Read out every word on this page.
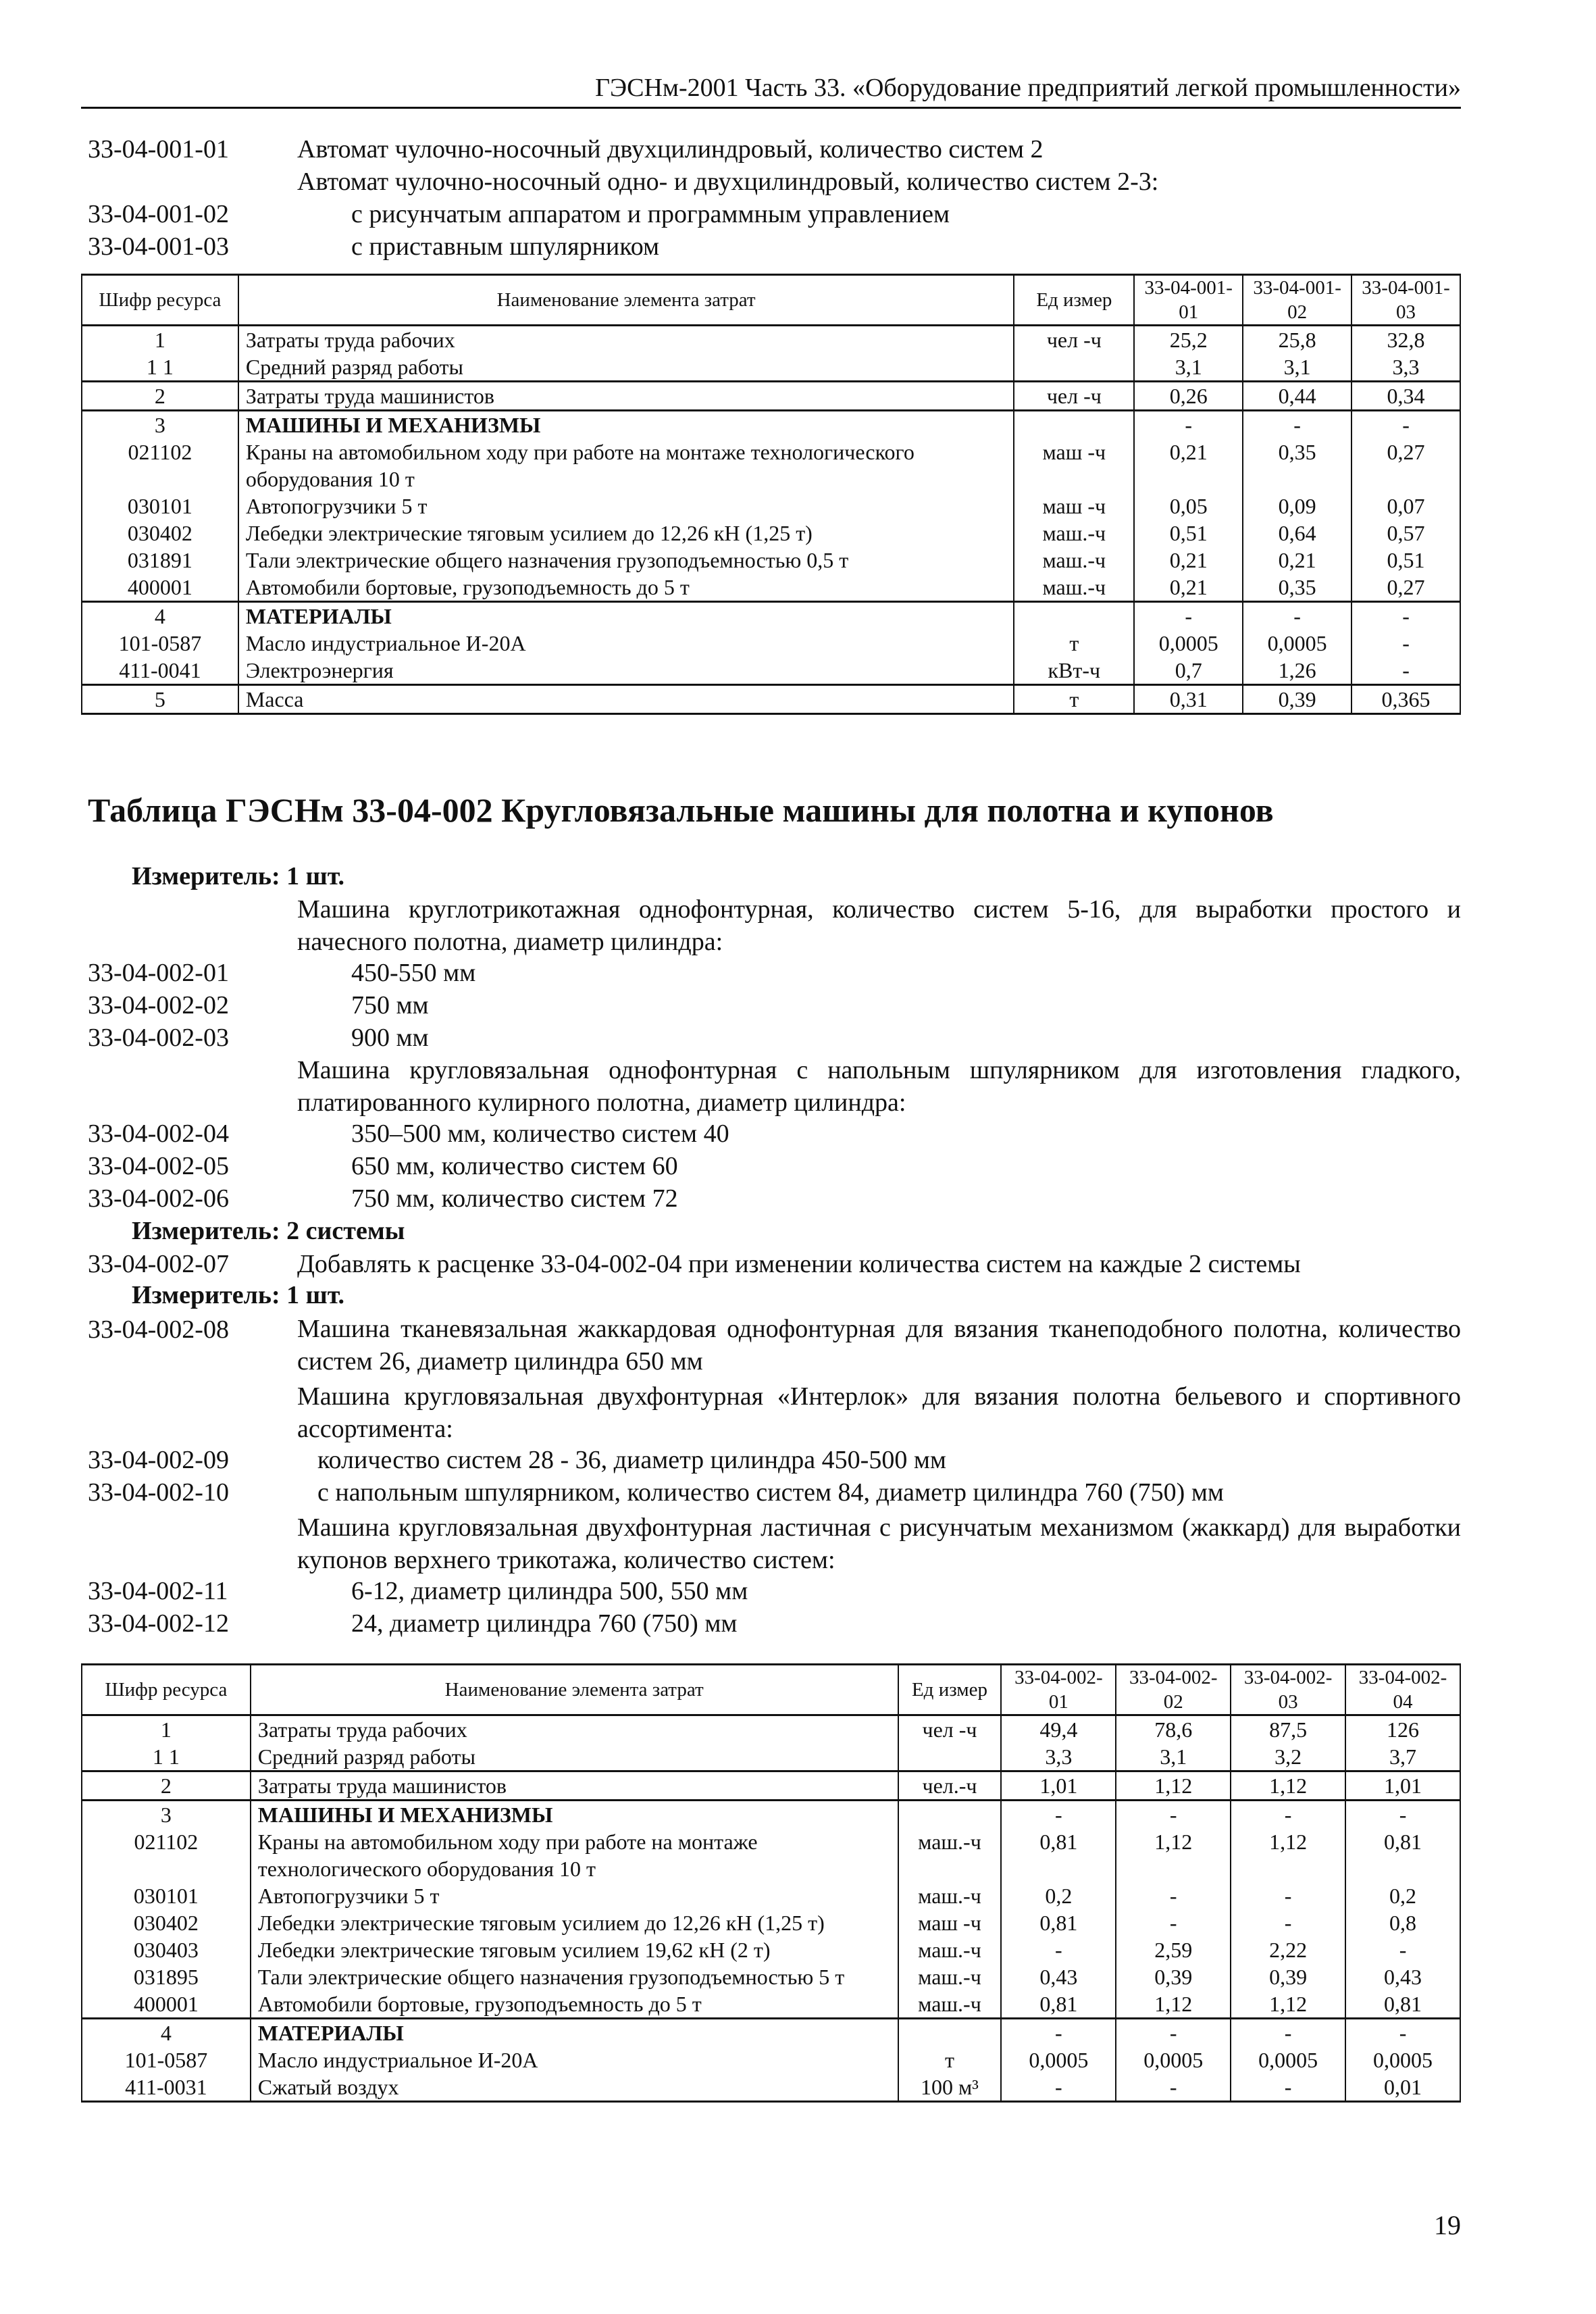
ГЭСНм-2001 Часть 33. «Оборудование предприятий легкой промышленности»
33-04-001-01	Автомат чулочно-носочный двухцилиндровый, количество систем 2
Автомат чулочно-носочный одно- и двухцилиндровый, количество систем 2-3:
33-04-001-02	с рисунчатым аппаратом и программным управлением
33-04-001-03	с приставным шпулярником
Шифр ресурса	Наименование элемента затрат	Ед измер	33-04-001-01	33-04-001-02	33-04-001-03
1	Затраты труда рабочих	чел -ч	25,2	25,8	32,8
1 1	Средний разряд работы		3,1	3,1	3,3
2	Затраты труда машинистов	чел -ч	0,26	0,44	0,34
3	МАШИНЫ И МЕХАНИЗМЫ		-	-	-
021102	Краны на автомобильном ходу при работе на монтаже технологического оборудования 10 т	маш -ч	0,21	0,35	0,27
030101	Автопогрузчики 5 т	маш -ч	0,05	0,09	0,07
030402	Лебедки электрические тяговым усилием до 12,26 кН (1,25 т)	маш.-ч	0,51	0,64	0,57
031891	Тали электрические общего назначения грузоподъемностью 0,5 т	маш.-ч	0,21	0,21	0,51
400001	Автомобили бортовые, грузоподъемность до 5 т	маш.-ч	0,21	0,35	0,27
4	МАТЕРИАЛЫ		-	-	-
101-0587	Масло индустриальное И-20А	т	0,0005	0,0005	-
411-0041	Электроэнергия	кВт-ч	0,7	1,26	-
5	Масса	т	0,31	0,39	0,365
Таблица ГЭСНм 33-04-002 Кругловязальные машины для полотна и купонов
Измеритель: 1 шт.
Машина круглотрикотажная однофонтурная, количество систем 5-16, для выработки простого и начесного полотна, диаметр цилиндра:
33-04-002-01	450-550 мм
33-04-002-02	750 мм
33-04-002-03	900 мм
Машина кругловязальная однофонтурная с напольным шпулярником для изготовления гладкого, платированного кулирного полотна, диаметр цилиндра:
33-04-002-04	350–500 мм, количество систем 40
33-04-002-05	650 мм, количество систем 60
33-04-002-06	750 мм, количество систем 72
Измеритель: 2 системы
33-04-002-07	Добавлять к расценке 33-04-002-04 при изменении количества систем на каждые 2 системы
Измеритель: 1 шт.
33-04-002-08	Машина тканевязальная жаккардовая однофонтурная для вязания тканеподобного полотна, количество систем 26, диаметр цилиндра 650 мм
Машина кругловязальная двухфонтурная «Интерлок» для вязания полотна бельевого и спортивного ассортимента:
33-04-002-09	количество систем 28 - 36, диаметр цилиндра 450-500 мм
33-04-002-10	с напольным шпулярником, количество систем 84, диаметр цилиндра 760 (750) мм
Машина кругловязальная двухфонтурная ластичная с рисунчатым механизмом (жаккард) для выработки купонов верхнего трикотажа, количество систем:
33-04-002-11	6-12, диаметр цилиндра 500, 550 мм
33-04-002-12	24, диаметр цилиндра 760 (750) мм
Шифр ресурса	Наименование элемента затрат	Ед измер	33-04-002-01	33-04-002-02	33-04-002-03	33-04-002-04
1	Затраты труда рабочих	чел -ч	49,4	78,6	87,5	126
1 1	Средний разряд работы		3,3	3,1	3,2	3,7
2	Затраты труда машинистов	чел.-ч	1,01	1,12	1,12	1,01
3	МАШИНЫ И МЕХАНИЗМЫ		-	-	-	-
021102	Краны на автомобильном ходу при работе на монтаже технологического оборудования 10 т	маш.-ч	0,81	1,12	1,12	0,81
030101	Автопогрузчики 5 т	маш.-ч	0,2	-	-	0,2
030402	Лебедки электрические тяговым усилием до 12,26 кН (1,25 т)	маш -ч	0,81	-	-	0,8
030403	Лебедки электрические тяговым усилием 19,62 кН (2 т)	маш.-ч	-	2,59	2,22	-
031895	Тали электрические общего назначения грузоподъемностью 5 т	маш.-ч	0,43	0,39	0,39	0,43
400001	Автомобили бортовые, грузоподъемность до 5 т	маш.-ч	0,81	1,12	1,12	0,81
4	МАТЕРИАЛЫ		-	-	-	-
101-0587	Масло индустриальное И-20А	т	0,0005	0,0005	0,0005	0,0005
411-0031	Сжатый воздух	100 м³	-	-	-	0,01
19
